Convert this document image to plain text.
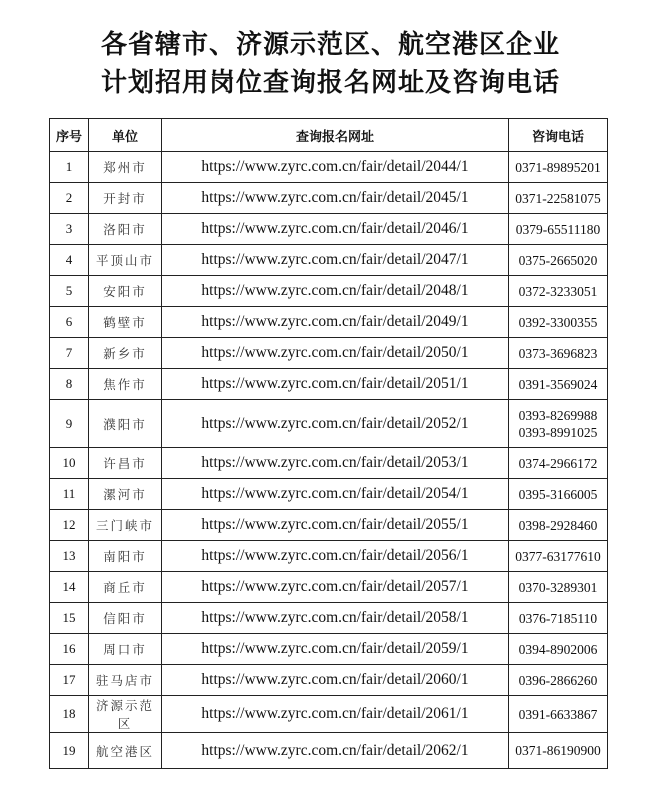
各省辖市、济源示范区、航空港区企业
计划招用岗位查询报名网址及咨询电话
序号	单位	查询报名网址	咨询电话
1	郑州市	https://www.zyrc.com.cn/fair/detail/2044/1	0371-89895201

2	开封市	https://www.zyrc.com.cn/fair/detail/2045/1	0371-22581075

3	洛阳市	https://www.zyrc.com.cn/fair/detail/2046/1	0379-65511180

4	平顶山市	https://www.zyrc.com.cn/fair/detail/2047/1	0375-2665020

5	安阳市	https://www.zyrc.com.cn/fair/detail/2048/1	0372-3233051

6	鹤壁市	https://www.zyrc.com.cn/fair/detail/2049/1	0392-3300355

7	新乡市	https://www.zyrc.com.cn/fair/detail/2050/1	0373-3696823

8	焦作市	https://www.zyrc.com.cn/fair/detail/2051/1	0391-3569024

9	濮阳市	https://www.zyrc.com.cn/fair/detail/2052/1	0393-8269988
0393-8991025

10	许昌市	https://www.zyrc.com.cn/fair/detail/2053/1	0374-2966172

11	漯河市	https://www.zyrc.com.cn/fair/detail/2054/1	0395-3166005

12	三门峡市	https://www.zyrc.com.cn/fair/detail/2055/1	0398-2928460

13	南阳市	https://www.zyrc.com.cn/fair/detail/2056/1	0377-63177610

14	商丘市	https://www.zyrc.com.cn/fair/detail/2057/1	0370-3289301

15	信阳市	https://www.zyrc.com.cn/fair/detail/2058/1	0376-7185110

16	周口市	https://www.zyrc.com.cn/fair/detail/2059/1	0394-8902006

17	驻马店市	https://www.zyrc.com.cn/fair/detail/2060/1	0396-2866260

18	济源示范区	https://www.zyrc.com.cn/fair/detail/2061/1	0391-6633867

19	航空港区	https://www.zyrc.com.cn/fair/detail/2062/1	0371-86190900
